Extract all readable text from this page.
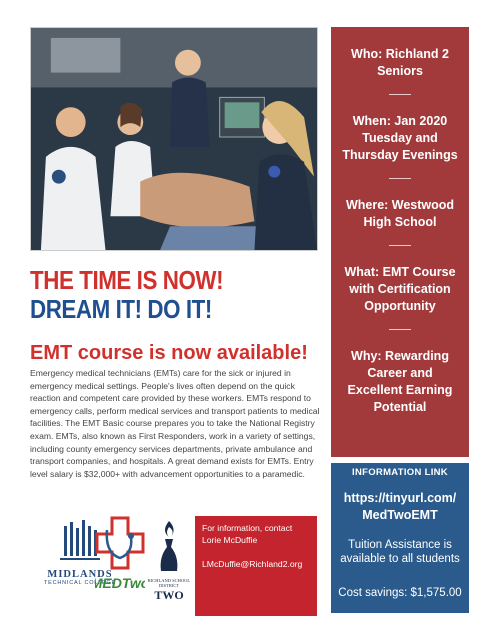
THE TIME IS NOW!
DREAM IT! DO IT!
EMT course is now available!

Emergency medical technicians (EMTs) care for the sick or injured in emergency medical settings. People's lives often depend on the quick reaction and competent care provided by these workers. EMTs respond to emergency calls, perform medical services and transport patients to medical facilities. The EMT Basic course prepares you to take the National Registry exam. EMTs, also known as First Responders, work in a variety of settings, including county emergency services departments, private ambulance and transport companies, and hospitals. A great demand exists for EMTs. Entry level salary is $32,000+ with advancement opportunities to a paramedic.

Who: Richland 2 Seniors
When: Jan 2020 Tuesday and Thursday Evenings
Where: Westwood High School
What: EMT Course with Certification Opportunity
Why: Rewarding Career and Excellent Earning Potential
INFORMATION LINK
https://tinyurl.com/ MedTwoEMT
Tuition Assistance is available to all students
Cost savings: $1,575.00
For information, contact Lorie McDuffie
LMcDuffie@Richland2.org
MIDLANDS
TECHNICAL COLLEGE
EDTw	RICHLAND SCHOOL DISTRICT
TWO
